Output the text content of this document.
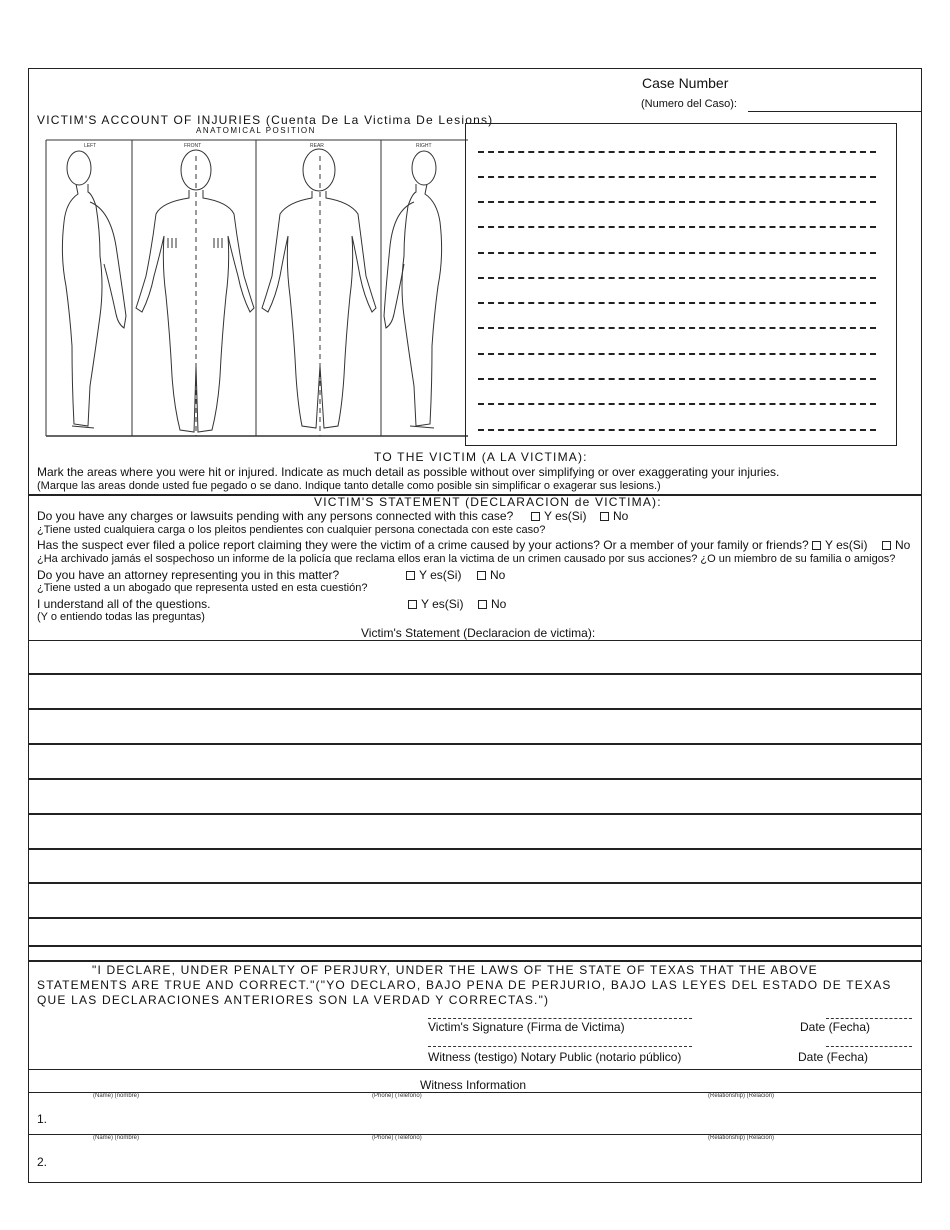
Case Number
(Numero del Caso):
VICTIM'S ACCOUNT OF INJURIES (Cuenta De La Victima De Lesions)
ANATOMICAL POSITION
LEFT	FRONT	REAR	RIGHT
TO THE VICTIM (A LA VICTIMA):
Mark the areas where you were hit or injured. Indicate as much detail as possible without over simplifying or over exaggerating your injuries.
(Marque las areas donde usted fue pegado o se dano. Indique tanto detalle como posible sin simplificar o exagerar sus lesions.)
VICTIM'S STATEMENT (DECLARACION de VICTIMA):
Do you have any charges or lawsuits pending with any persons connected with this case?	Y es(Si)	No
¿Tiene usted cualquiera carga o los pleitos pendientes con cualquier persona conectada con este caso?
Has the suspect ever filed a police report claiming they were the victim of a crime caused by your actions? Or a member of your family or friends?	Y es(Si)	No
¿Ha archivado jamás el sospechoso un informe de la policía que reclama ellos eran la victima de un crimen causado por sus acciones? ¿O un miembro de su familia o amigos?
Do you have an attorney representing you in this matter?	Y es(Si)	No
¿Tiene usted a un abogado que representa usted en esta cuestión?
I understand all of the questions.	Y es(Si)	No
(Y o entiendo todas las preguntas)
Victim's Statement (Declaracion de victima):
"I DECLARE, UNDER PENALTY OF PERJURY, UNDER THE LAWS OF THE STATE OF TEXAS THAT THE ABOVE STATEMENTS ARE TRUE AND CORRECT."("YO DECLARO, BAJO PENA DE PERJURIO, BAJO LAS LEYES DEL ESTADO DE TEXAS QUE LAS DECLARACIONES ANTERIORES SON LA VERDAD Y CORRECTAS.")
Victim's Signature (Firma de Victima)	Date (Fecha)
Witness (testigo) Notary Public (notario público)	Date (Fecha)
Witness Information
(Name) (nombre)	(Phone) (Telefono)	(Relationship) (Relacion)
1.
(Name) (nombre)	(Phone) (Telefono)	(Relationship) (Relacion)
2.
